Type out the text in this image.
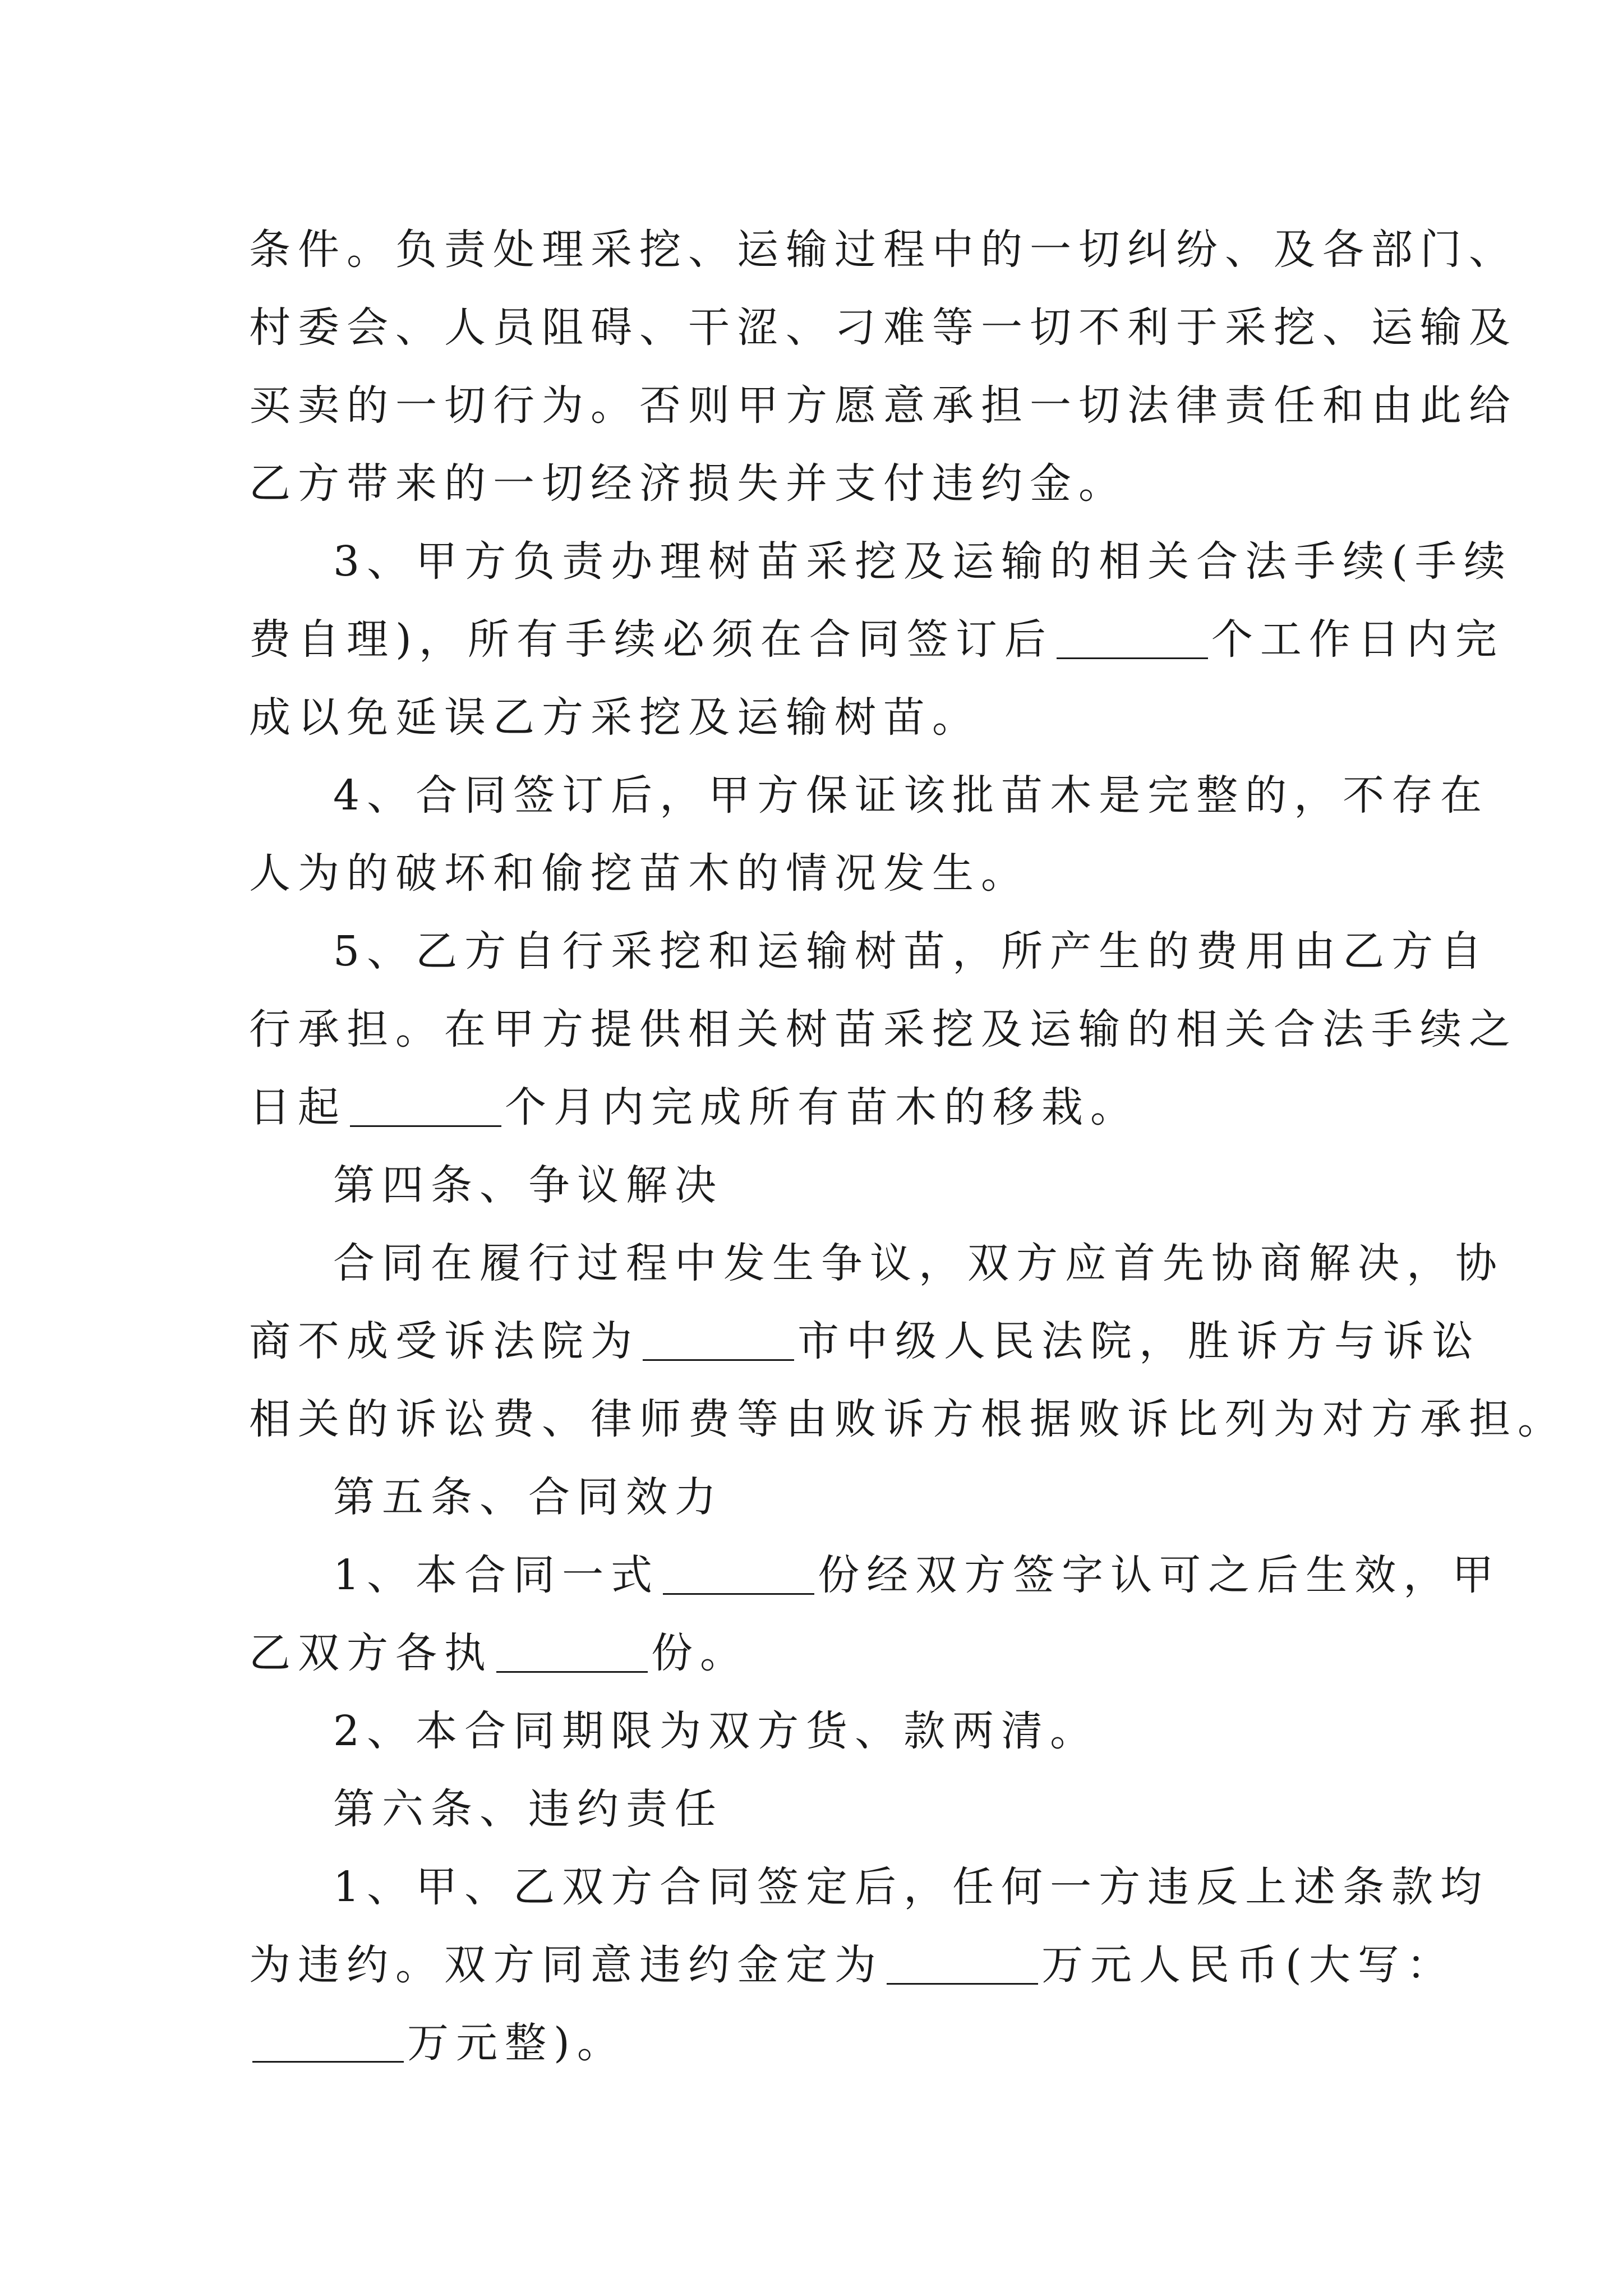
条件。负责处理采挖、运输过程中的一切纠纷、及各部门、
村委会、人员阻碍、干涩、刁难等一切不利于采挖、运输及
买卖的一切行为。否则甲方愿意承担一切法律责任和由此给
乙方带来的一切经济损失并支付违约金。
3、甲方负责办理树苗采挖及运输的相关合法手续(手续
费自理)，所有手续必须在合同签订后	个工作日内完
成以免延误乙方采挖及运输树苗。
4、合同签订后，甲方保证该批苗木是完整的，不存在
人为的破坏和偷挖苗木的情况发生。
5、乙方自行采挖和运输树苗，所产生的费用由乙方自
行承担。在甲方提供相关树苗采挖及运输的相关合法手续之
日起	个月内完成所有苗木的移栽。
第四条、争议解决
合同在履行过程中发生争议，双方应首先协商解决，协
商不成受诉法院为	市中级人民法院，胜诉方与诉讼
相关的诉讼费、律师费等由败诉方根据败诉比列为对方承担。
第五条、合同效力
1、本合同一式	份经双方签字认可之后生效，甲
乙双方各执	份。
2、本合同期限为双方货、款两清。
第六条、违约责任
1、甲、乙双方合同签定后，任何一方违反上述条款均
为违约。双方同意违约金定为	万元人民币(大写：
万元整)。
